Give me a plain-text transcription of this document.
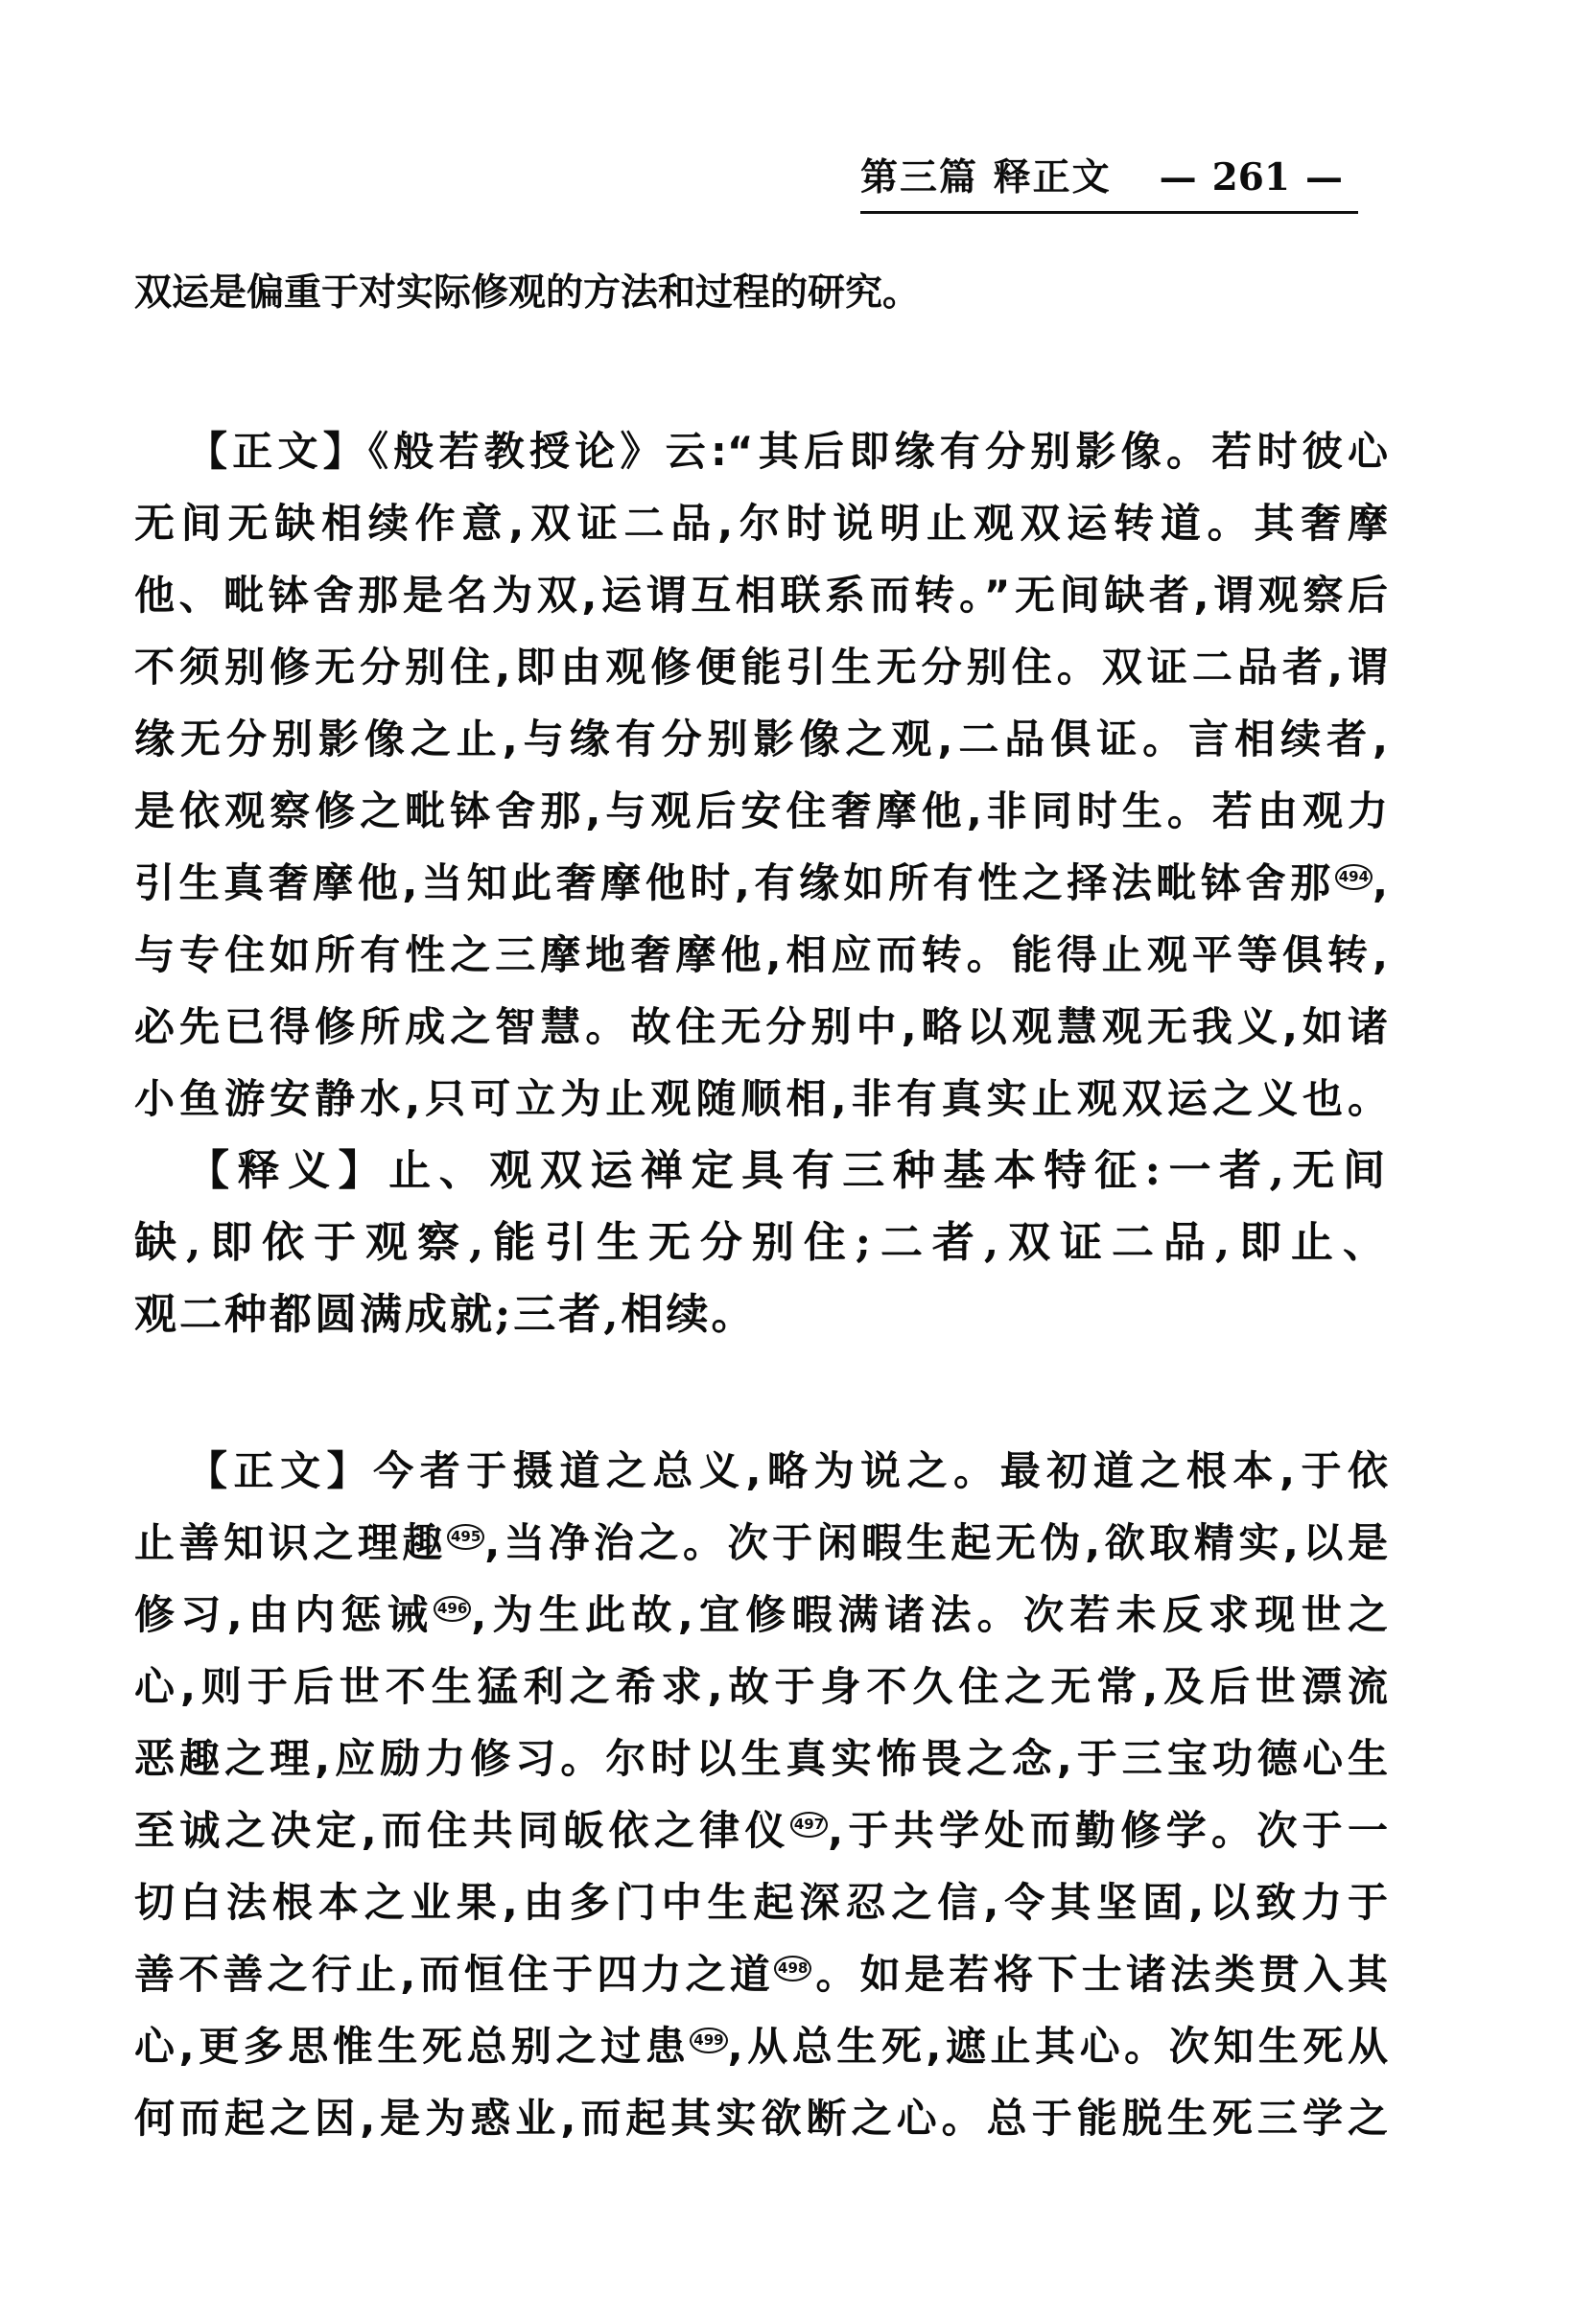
第三篇 释正文 — 261 —
双运是偏重于对实际修观的方法和过程的研究。
【正文】《般若教授论》云:“其后即缘有分别影像。若时彼心
无间无缺相续作意,双证二品,尔时说明止观双运转道。其奢摩
他、毗钵舍那是名为双,运谓互相联系而转。”无间缺者,谓观察后
不须别修无分别住,即由观修便能引生无分别住。双证二品者,谓
缘无分别影像之止,与缘有分别影像之观,二品俱证。言相续者,
是依观察修之毗钵舍那,与观后安住奢摩他,非同时生。若由观力
引生真奢摩他,当知此奢摩他时,有缘如所有性之择法毗钵舍那 $^{494}$,
与专住如所有性之三摩地奢摩他,相应而转。能得止观平等俱转,
必先已得修所成之智慧。故住无分别中,略以观慧观无我义,如诸
小鱼游安静水,只可立为止观随顺相,非有真实止观双运之义也。
【释义】止、观双运禅定具有三种基本特征:一者,无间
缺,即依于观察,能引生无分别住;二者,双证二品,即止、
观二种都圆满成就;三者,相续。
【正文】今者于摄道之总义,略为说之。最初道之根本,于依
止善知识之理趣 $^{495}$,当净治之。次于闲暇生起无伪,欲取精实,以是
修习,由内惩诫 $^{496}$,为生此故,宜修暇满诸法。次若未反求现世之
心,则于后世不生猛利之希求,故于身不久住之无常,及后世漂流
恶趣之理,应励力修习。尔时以生真实怖畏之念,于三宝功德心生
至诚之决定,而住共同皈依之律仪 $^{497}$,于共学处而勤修学。次于一
切白法根本之业果,由多门中生起深忍之信,令其坚固,以致力于
善不善之行止,而恒住于四力之道 $^{498}$。如是若将下士诸法类贯入其
心,更多思惟生死总别之过患 $^{499}$,从总生死,遮止其心。次知生死从
何而起之因,是为惑业,而起其实欲断之心。总于能脱生死三学之
